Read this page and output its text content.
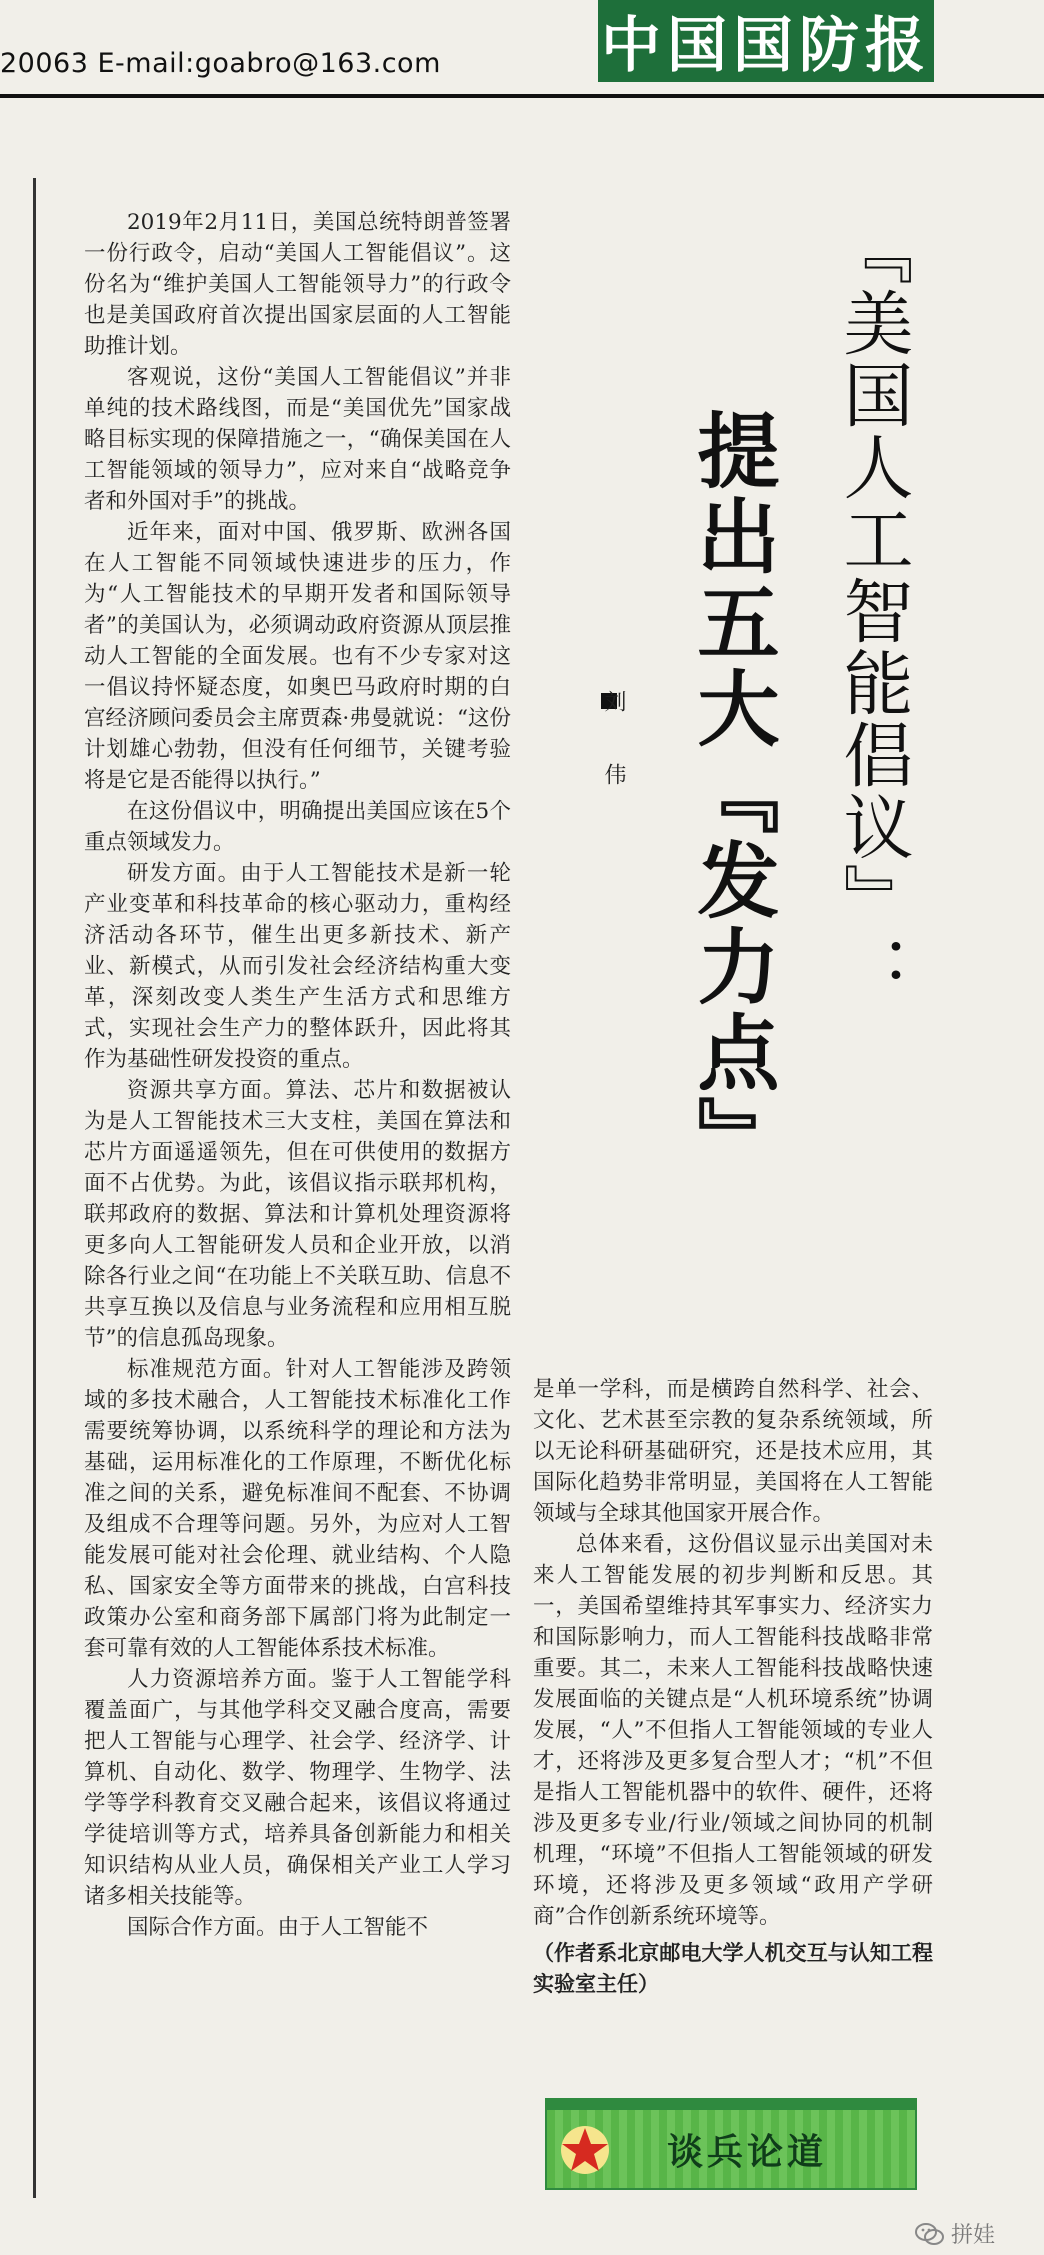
20063 E-mail:goabro@163.com	中国国防报

2019年2月11日，美国总统特朗普签署一份行政令，启动“美国人工智能倡议”。这份名为“维护美国人工智能领导力”的行政令也是美国政府首次提出国家层面的人工智能助推计划。

客观说，这份“美国人工智能倡议”并非单纯的技术路线图，而是“美国优先”国家战略目标实现的保障措施之一，“确保美国在人工智能领域的领导力”，应对来自“战略竞争者和外国对手”的挑战。

近年来，面对中国、俄罗斯、欧洲各国在人工智能不同领域快速进步的压力，作为“人工智能技术的早期开发者和国际领导者”的美国认为，必须调动政府资源从顶层推动人工智能的全面发展。也有不少专家对这一倡议持怀疑态度，如奥巴马政府时期的白宫经济顾问委员会主席贾森·弗曼就说：“这份计划雄心勃勃，但没有任何细节，关键考验将是它是否能得以执行。”

在这份倡议中，明确提出美国应该在5个重点领域发力。

研发方面。由于人工智能技术是新一轮产业变革和科技革命的核心驱动力，重构经济活动各环节，催生出更多新技术、新产业、新模式，从而引发社会经济结构重大变革，深刻改变人类生产生活方式和思维方式，实现社会生产力的整体跃升，因此将其作为基础性研发投资的重点。

资源共享方面。算法、芯片和数据被认为是人工智能技术三大支柱，美国在算法和芯片方面遥遥领先，但在可供使用的数据方面不占优势。为此，该倡议指示联邦机构，联邦政府的数据、算法和计算机处理资源将更多向人工智能研发人员和企业开放，以消除各行业之间“在功能上不关联互助、信息不共享互换以及信息与业务流程和应用相互脱节”的信息孤岛现象。

标准规范方面。针对人工智能涉及跨领域的多技术融合，人工智能技术标准化工作需要统筹协调，以系统科学的理论和方法为基础，运用标准化的工作原理，不断优化标准之间的关系，避免标准间不配套、不协调及组成不合理等问题。另外，为应对人工智能发展可能对社会伦理、就业结构、个人隐私、国家安全等方面带来的挑战，白宫科技政策办公室和商务部下属部门将为此制定一套可靠有效的人工智能体系技术标准。

人力资源培养方面。鉴于人工智能学科覆盖面广，与其他学科交叉融合度高，需要把人工智能与心理学、社会学、经济学、计算机、自动化、数学、物理学、生物学、法学等学科教育交叉融合起来，该倡议将通过学徒培训等方式，培养具备创新能力和相关知识结构从业人员，确保相关产业工人学习诸多相关技能等。

国际合作方面。由于人工智能不

『美国人工智能倡议』：
提出五大『发力点』

刘 伟

是单一学科，而是横跨自然科学、社会、文化、艺术甚至宗教的复杂系统领域，所以无论科研基础研究，还是技术应用，其国际化趋势非常明显，美国将在人工智能领域与全球其他国家开展合作。

总体来看，这份倡议显示出美国对未来人工智能发展的初步判断和反思。其一，美国希望维持其军事实力、经济实力和国际影响力，而人工智能科技战略非常重要。其二，未来人工智能科技战略快速发展面临的关键点是“人机环境系统”协调发展，“人”不但指人工智能领域的专业人才，还将涉及更多复合型人才；“机”不但是指人工智能机器中的软件、硬件，还将涉及更多专业/行业/领域之间协同的机制机理，“环境”不但指人工智能领域的研发环境，还将涉及更多领域“政用产学研商”合作创新系统环境等。

（作者系北京邮电大学人机交互与认知工程实验室主任）

谈兵论道
拼娃
